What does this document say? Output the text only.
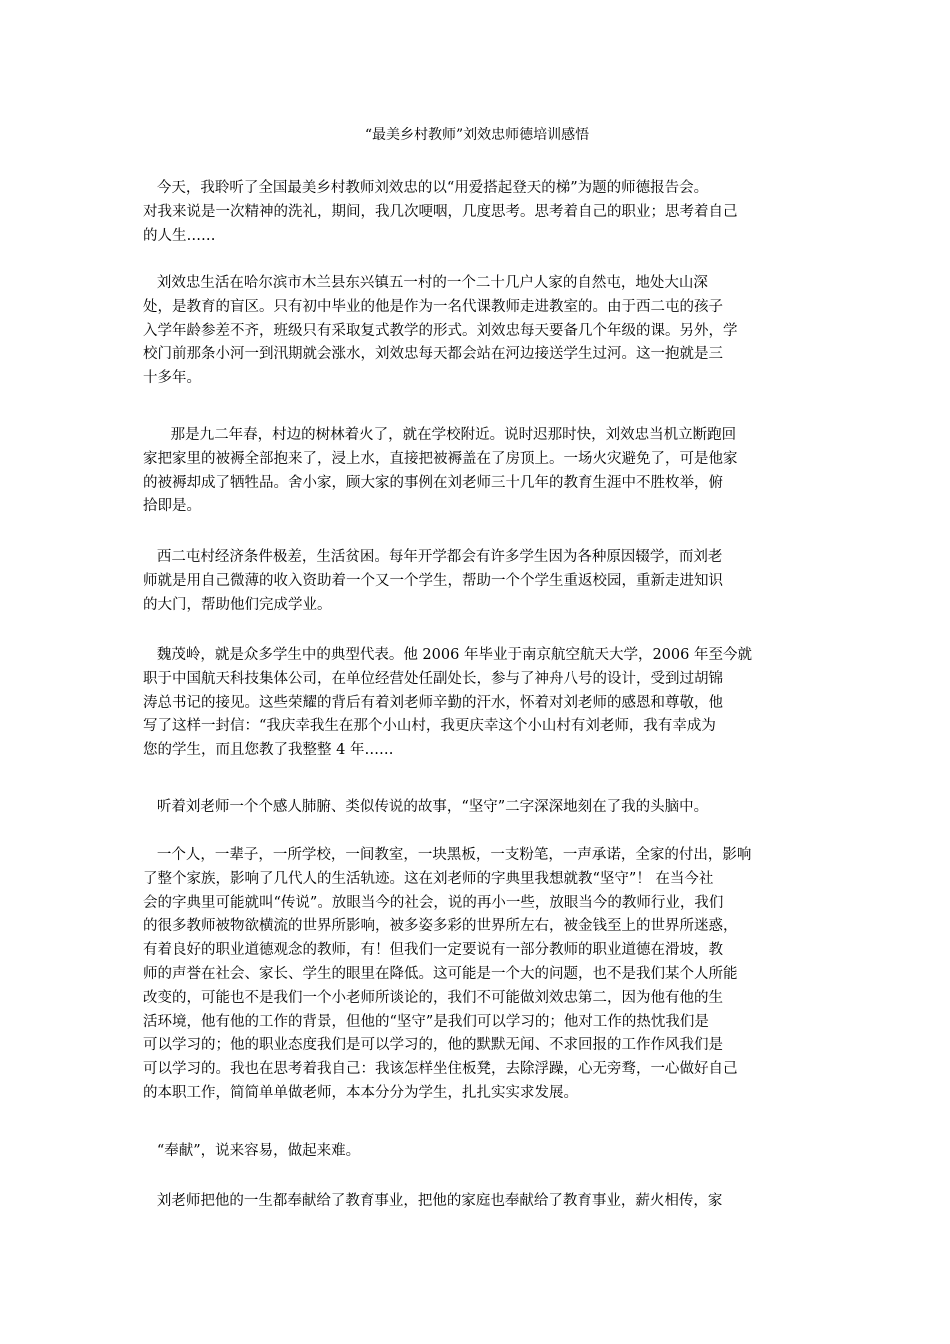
“最美乡村教师”刘效忠师德培训感悟
今天，我聆听了全国最美乡村教师刘效忠的以“用爱搭起登天的梯”为题的师德报告会。
对我来说是一次精神的洗礼，期间，我几次哽咽，几度思考。思考着自己的职业；思考着自己
的人生……
刘效忠生活在哈尔滨市木兰县东兴镇五一村的一个二十几户人家的自然屯，地处大山深
处，是教育的盲区。只有初中毕业的他是作为一名代课教师走进教室的。由于西二屯的孩子
入学年龄参差不齐，班级只有采取复式教学的形式。刘效忠每天要备几个年级的课。另外，学
校门前那条小河一到汛期就会涨水，刘效忠每天都会站在河边接送学生过河。这一抱就是三
十多年。
那是九二年春，村边的树林着火了，就在学校附近。说时迟那时快，刘效忠当机立断跑回
家把家里的被褥全部抱来了，浸上水，直接把被褥盖在了房顶上。一场火灾避免了，可是他家
的被褥却成了牺牲品。舍小家，顾大家的事例在刘老师三十几年的教育生涯中不胜枚举，俯
拾即是。
西二屯村经济条件极差，生活贫困。每年开学都会有许多学生因为各种原因辍学，而刘老
师就是用自己微薄的收入资助着一个又一个学生，帮助一个个学生重返校园，重新走进知识
的大门，帮助他们完成学业。
魏茂岭，就是众多学生中的典型代表。他 2006 年毕业于南京航空航天大学，2006 年至今就
职于中国航天科技集体公司，在单位经营处任副处长，参与了神舟八号的设计，受到过胡锦
涛总书记的接见。这些荣耀的背后有着刘老师辛勤的汗水，怀着对刘老师的感恩和尊敬，他
写了这样一封信：“我庆幸我生在那个小山村，我更庆幸这个小山村有刘老师，我有幸成为
您的学生，而且您教了我整整 4 年……
听着刘老师一个个感人肺腑、类似传说的故事，“坚守”二字深深地刻在了我的头脑中。
一个人，一辈子，一所学校，一间教室，一块黑板，一支粉笔，一声承诺，全家的付出，影响
了整个家族，影响了几代人的生活轨迹。这在刘老师的字典里我想就教“坚守”！ 在当今社
会的字典里可能就叫“传说”。放眼当今的社会，说的再小一些，放眼当今的教师行业，我们
的很多教师被物欲横流的世界所影响，被多姿多彩的世界所左右，被金钱至上的世界所迷惑，
有着良好的职业道德观念的教师，有！但我们一定要说有一部分教师的职业道德在滑坡，教
师的声誉在社会、家长、学生的眼里在降低。这可能是一个大的问题，也不是我们某个人所能
改变的，可能也不是我们一个小老师所谈论的，我们不可能做刘效忠第二，因为他有他的生
活环境，他有他的工作的背景，但他的“坚守”是我们可以学习的；他对工作的热忱我们是
可以学习的；他的职业态度我们是可以学习的，他的默默无闻、不求回报的工作作风我们是
可以学习的。我也在思考着我自己：我该怎样坐住板凳，去除浮躁，心无旁骛，一心做好自己
的本职工作，简简单单做老师，本本分分为学生，扎扎实实求发展。
“奉献”，说来容易，做起来难。
刘老师把他的一生都奉献给了教育事业，把他的家庭也奉献给了教育事业，薪火相传，家
